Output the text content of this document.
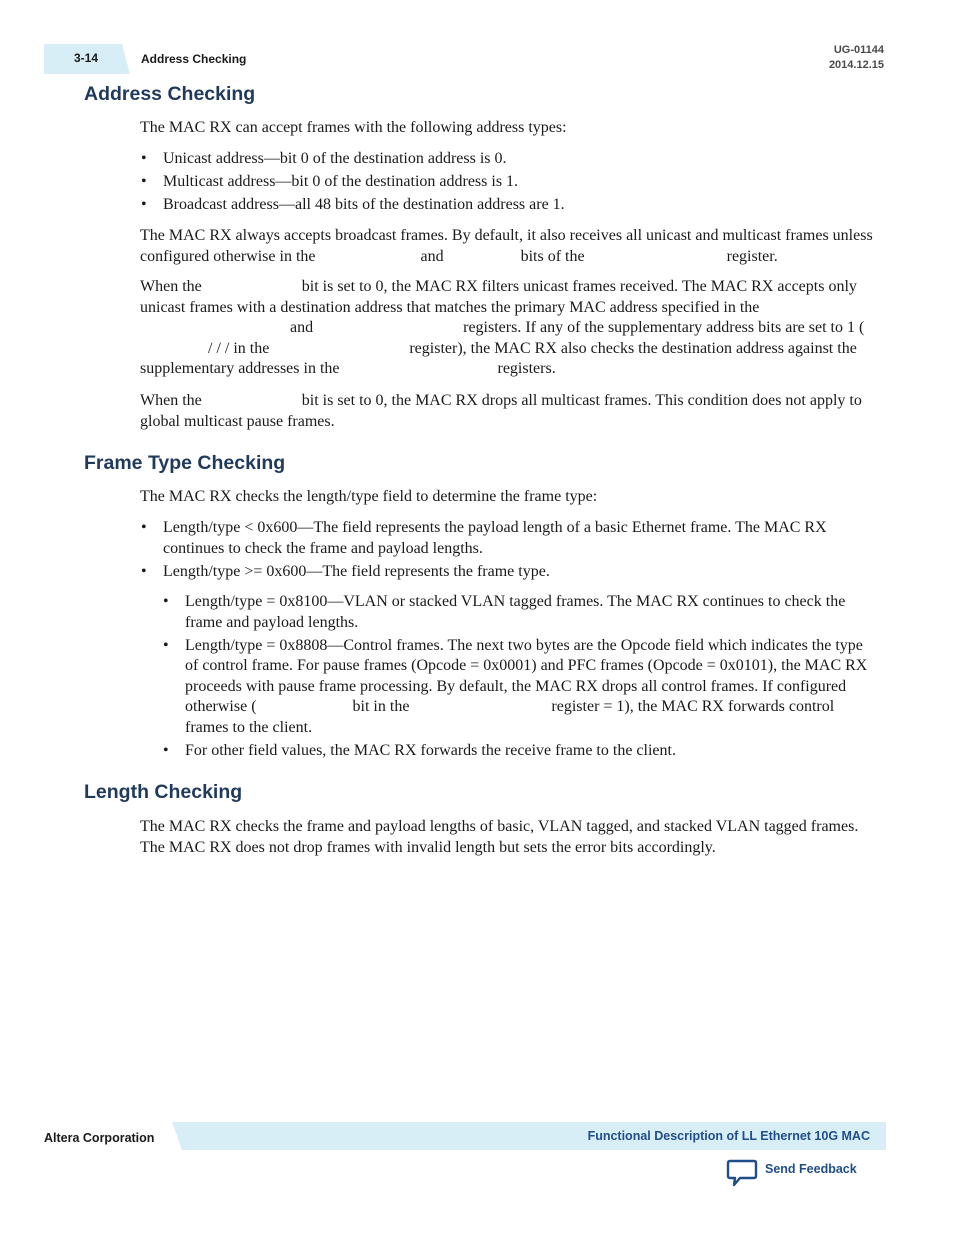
3-14	Address Checking
UG-01144
2014.12.15
Address Checking

The MAC RX can accept frames with the following address types:

• Unicast address—bit 0 of the destination address is 0.
• Multicast address—bit 0 of the destination address is 1.
• Broadcast address—all 48 bits of the destination address are 1.

The MAC RX always accepts broadcast frames. By default, it also receives all unicast and multicast frames unless configured otherwise in the	and	bits of the	register.

When the	bit is set to 0, the MAC RX filters unicast frames received. The MAC RX accepts only unicast frames with a destination address that matches the primary MAC address specified in theand	registers. If any of the supplementary address bits are set to 1 (/ / / in the	register), the MAC RX also checks the destination address against the supplementary addresses in the	registers.

When the	bit is set to 0, the MAC RX drops all multicast frames. This condition does not apply to global multicast pause frames.

Frame Type Checking

The MAC RX checks the length/type field to determine the frame type:

• Length/type < 0x600—The field represents the payload length of a basic Ethernet frame. The MAC RX continues to check the frame and payload lengths.
• Length/type >= 0x600—The field represents the frame type.
• Length/type = 0x8100—VLAN or stacked VLAN tagged frames. The MAC RX continues to check the frame and payload lengths.
• Length/type = 0x8808—Control frames. The next two bytes are the Opcode field which indicates the type of control frame. For pause frames (Opcode = 0x0001) and PFC frames (Opcode = 0x0101), the MAC RX proceeds with pause frame processing. By default, the MAC RX drops all control frames. If configured otherwise (	bit in the	register = 1), the MAC RX forwards control frames to the client.
• For other field values, the MAC RX forwards the receive frame to the client.
Length Checking

The MAC RX checks the frame and payload lengths of basic, VLAN tagged, and stacked VLAN tagged frames. The MAC RX does not drop frames with invalid length but sets the error bits accordingly.

Altera Corporation	Functional Description of LL Ethernet 10G MAC
Send Feedback
